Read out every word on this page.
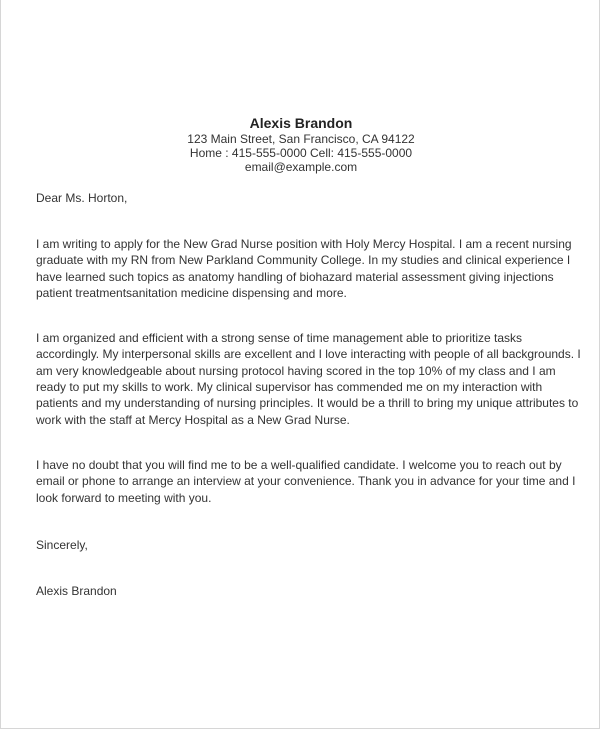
Alexis Brandon
123 Main Street, San Francisco, CA 94122
Home : 415-555-0000 Cell: 415-555-0000
email@example.com
Dear Ms. Horton,
I am writing to apply for the New Grad Nurse position with Holy Mercy Hospital. I am a recent nursing
graduate with my RN from New Parkland Community College. In my studies and clinical experience I
have learned such topics as anatomy handling of biohazard material assessment giving injections
patient treatmentsanitation medicine dispensing and more.
I am organized and efficient with a strong sense of time management able to prioritize tasks
accordingly. My interpersonal skills are excellent and I love interacting with people of all backgrounds. I
am very knowledgeable about nursing protocol having scored in the top 10% of my class and I am
ready to put my skills to work. My clinical supervisor has commended me on my interaction with
patients and my understanding of nursing principles. It would be a thrill to bring my unique attributes to
work with the staff at Mercy Hospital as a New Grad Nurse.
I have no doubt that you will find me to be a well-qualified candidate. I welcome you to reach out by
email or phone to arrange an interview at your convenience. Thank you in advance for your time and I
look forward to meeting with you.
Sincerely,
Alexis Brandon
